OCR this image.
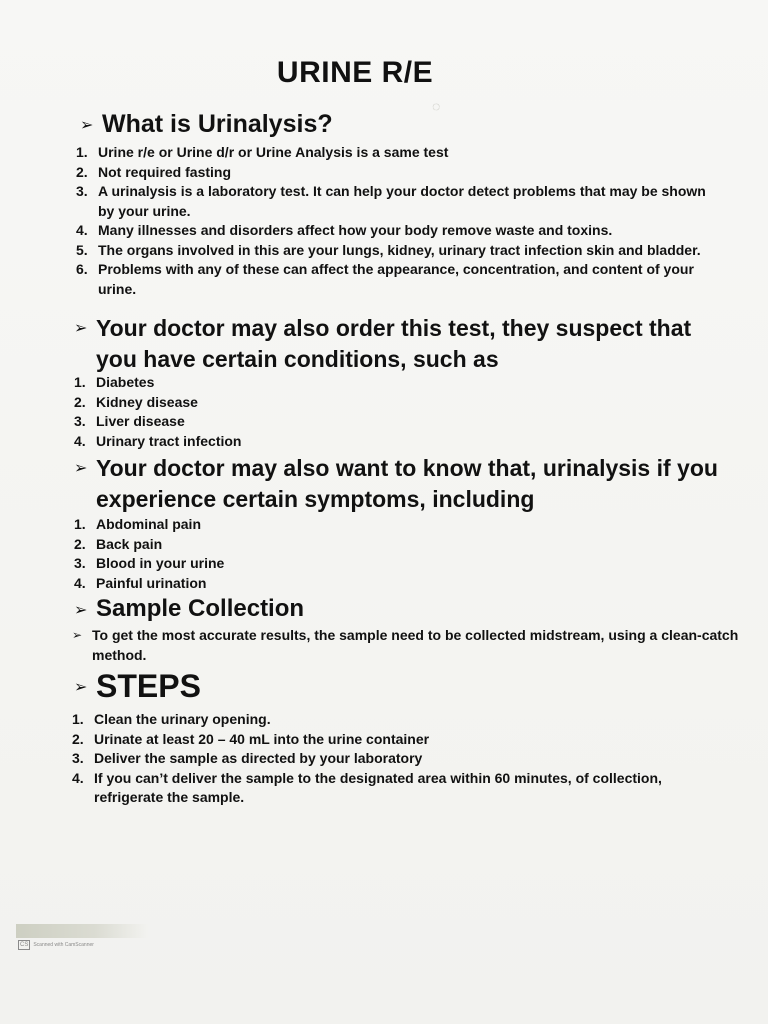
URINE R/E
◌
➢ What is Urinalysis?
1. Urine r/e or Urine d/r or Urine Analysis is a same test
2. Not required fasting
3. A urinalysis is a laboratory test. It can help your doctor detect problems that may be shown by your urine.
4. Many illnesses and disorders affect how your body remove waste and toxins.
5. The organs involved in this are your lungs, kidney, urinary tract infection skin and bladder.
6. Problems with any of these can affect the appearance, concentration, and content of your urine.
➢ Your doctor may also order this test, they suspect that you have certain conditions, such as
1. Diabetes
2. Kidney disease
3. Liver disease
4. Urinary tract infection
➢ Your doctor may also want to know that, urinalysis if you experience certain symptoms, including
1. Abdominal pain
2. Back pain
3. Blood in your urine
4. Painful urination
➢ Sample Collection
➢ To get the most accurate results, the sample need to be collected midstream, using a clean-catch method.
➢ STEPS
1. Clean the urinary opening.
2. Urinate at least 20 – 40 mL into the urine container
3. Deliver the sample as directed by your laboratory
4. If you can’t deliver the sample to the designated area within 60 minutes, of collection, refrigerate the sample.
CS	Scanned with CamScanner
